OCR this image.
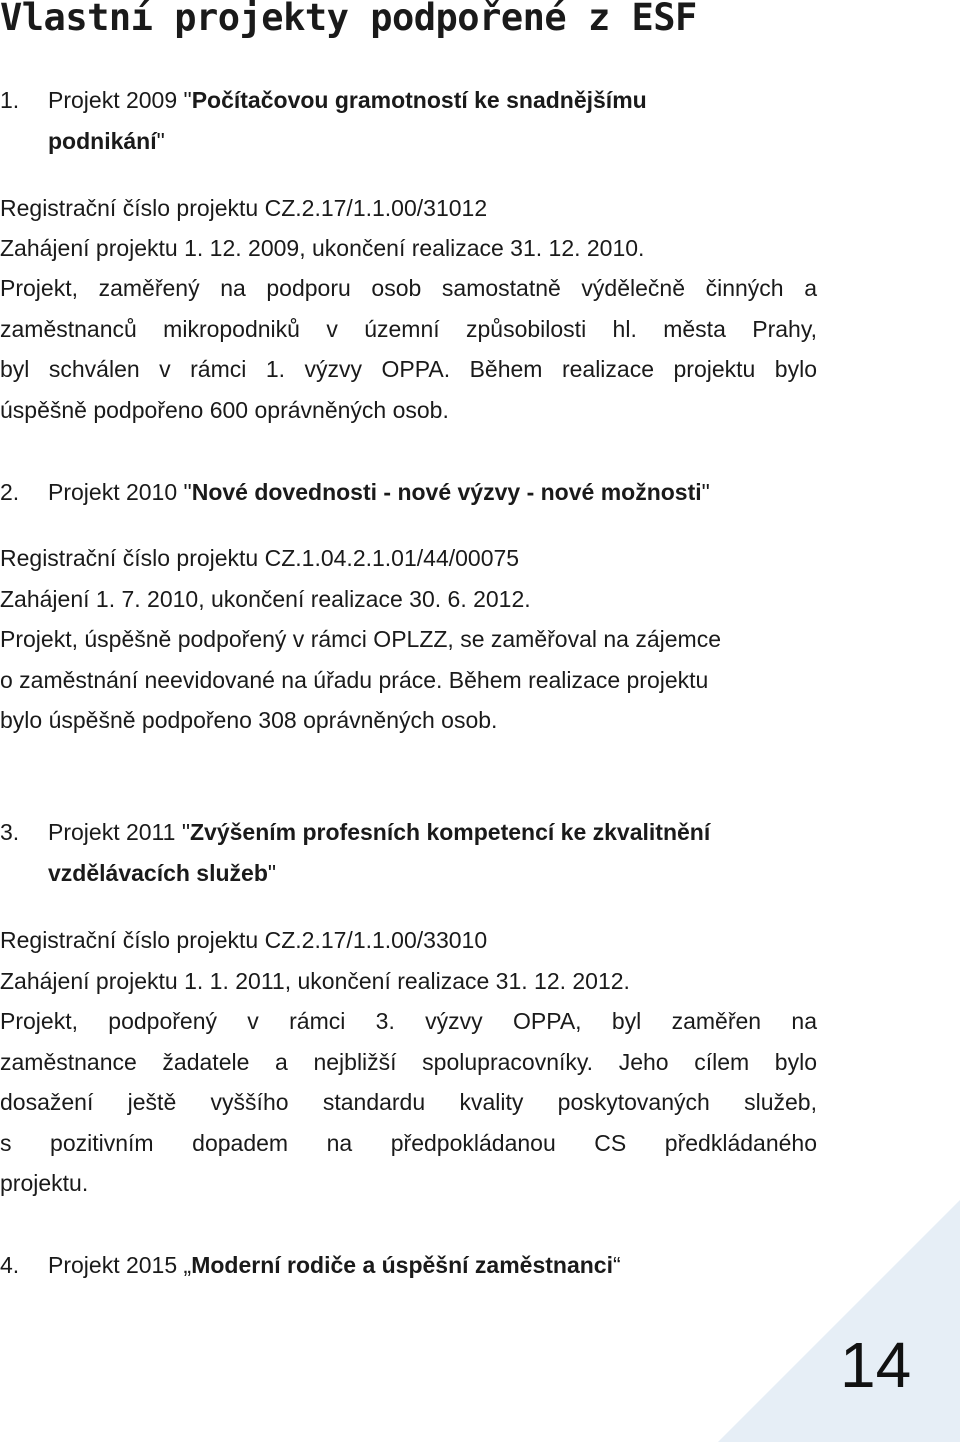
Vlastní projekty podpořené z ESF
1. Projekt 2009 "Počítačovou gramotností ke snadnějšímu
podnikání"
Registrační číslo projektu CZ.2.17/1.1.00/31012
Zahájení projektu 1. 12. 2009, ukončení realizace 31. 12. 2010.
Projekt, zaměřený na podporu osob samostatně výdělečně činných a
zaměstnanců mikropodniků v územní způsobilosti hl. města Prahy,
byl schválen v rámci 1. výzvy OPPA. Během realizace projektu bylo
úspěšně podpořeno 600 oprávněných osob.
2. Projekt 2010 "Nové dovednosti - nové výzvy - nové možnosti"
Registrační číslo projektu CZ.1.04.2.1.01/44/00075
Zahájení 1. 7. 2010, ukončení realizace 30. 6. 2012.
Projekt, úspěšně podpořený v rámci OPLZZ, se zaměřoval na zájemce
o zaměstnání neevidované na úřadu práce. Během realizace projektu
bylo úspěšně podpořeno 308 oprávněných osob.
3. Projekt 2011 "Zvýšením profesních kompetencí ke zkvalitnění
vzdělávacích služeb"
Registrační číslo projektu CZ.2.17/1.1.00/33010
Zahájení projektu 1. 1. 2011, ukončení realizace 31. 12. 2012.
Projekt, podpořený v rámci 3. výzvy OPPA, byl zaměřen na
zaměstnance žadatele a nejbližší spolupracovníky. Jeho cílem bylo
dosažení ještě vyššího standardu kvality poskytovaných služeb,
s pozitivním dopadem na předpokládanou CS předkládaného
projektu.
4. Projekt 2015 „Moderní rodiče a úspěšní zaměstnanci“
14
